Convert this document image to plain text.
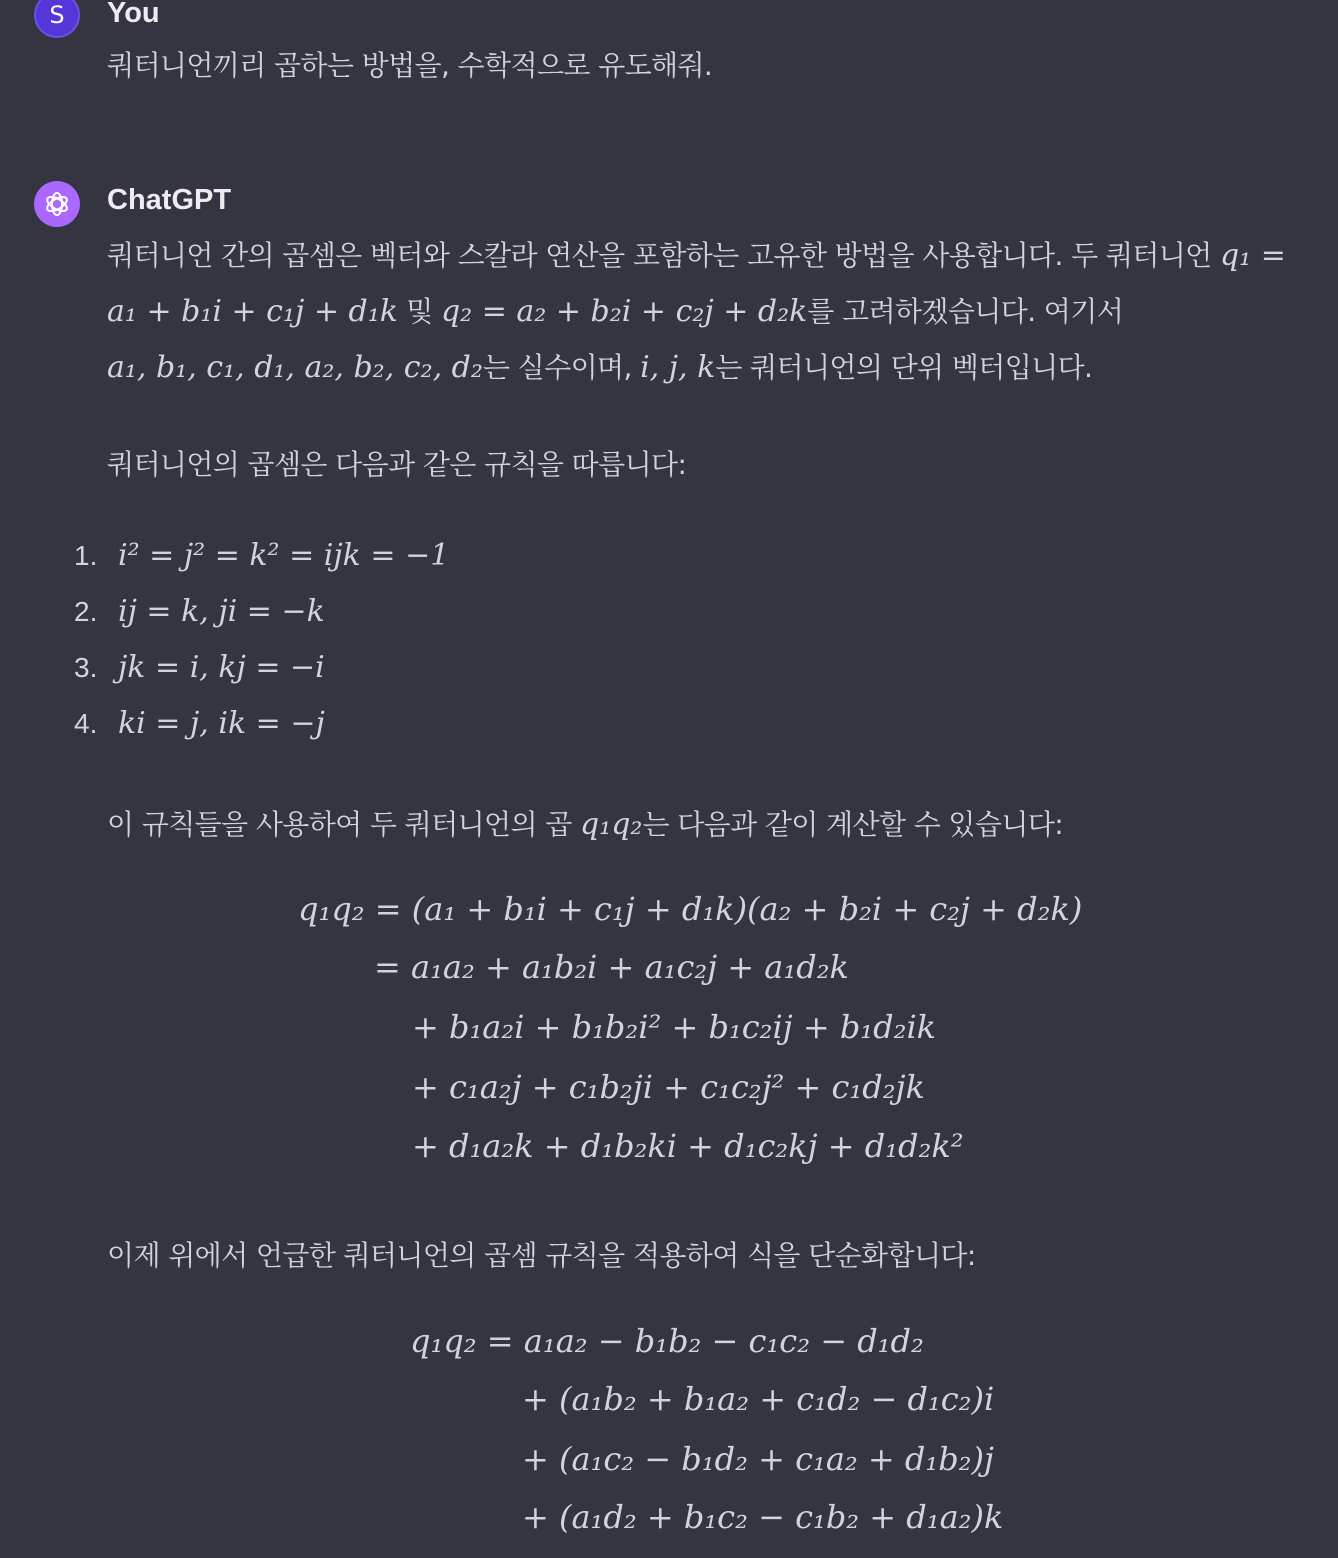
S You
쿼터니언끼리 곱하는 방법을, 수학적으로 유도해줘.
ChatGPT
쿼터니언 간의 곱셈은 벡터와 스칼라 연산을 포함하는 고유한 방법을 사용합니다. 두 쿼터니언 q₁ =
a₁ + b₁i + c₁j + d₁k 및 q₂ = a₂ + b₂i + c₂j + d₂k를 고려하겠습니다. 여기서
a₁, b₁, c₁, d₁, a₂, b₂, c₂, d₂는 실수이며, i, j, k는 쿼터니언의 단위 벡터입니다.
쿼터니언의 곱셈은 다음과 같은 규칙을 따릅니다:
1. i² = j² = k² = ijk = −1
2. ij = k, ji = −k
3. jk = i, kj = −i
4. ki = j, ik = −j
이 규칙들을 사용하여 두 쿼터니언의 곱 q₁q₂는 다음과 같이 계산할 수 있습니다:
q₁q₂ = (a₁ + b₁i + c₁j + d₁k)(a₂ + b₂i + c₂j + d₂k)
= a₁a₂ + a₁b₂i + a₁c₂j + a₁d₂k
+ b₁a₂i + b₁b₂i² + b₁c₂ij + b₁d₂ik
+ c₁a₂j + c₁b₂ji + c₁c₂j² + c₁d₂jk
+ d₁a₂k + d₁b₂ki + d₁c₂kj + d₁d₂k²
이제 위에서 언급한 쿼터니언의 곱셈 규칙을 적용하여 식을 단순화합니다:
q₁q₂ = a₁a₂ − b₁b₂ − c₁c₂ − d₁d₂
+ (a₁b₂ + b₁a₂ + c₁d₂ − d₁c₂)i
+ (a₁c₂ − b₁d₂ + c₁a₂ + d₁b₂)j
+ (a₁d₂ + b₁c₂ − c₁b₂ + d₁a₂)k
